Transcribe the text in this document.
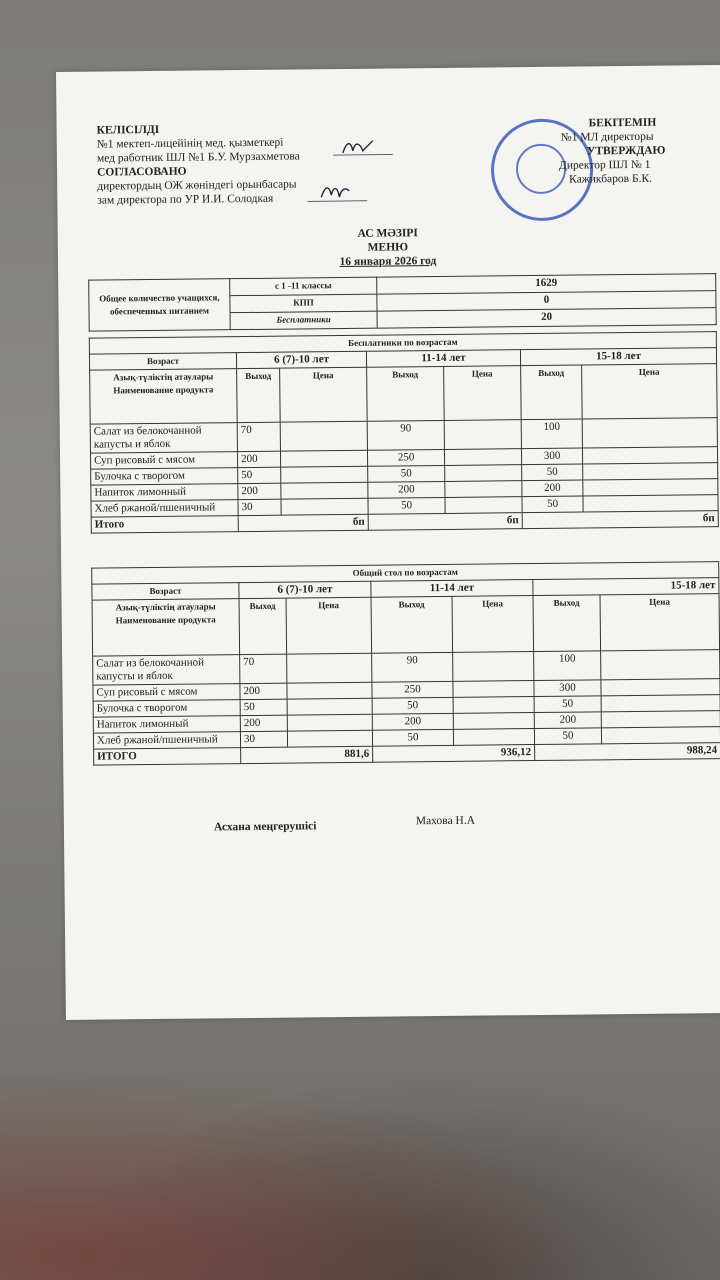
КЕЛІСІЛДІ
№1 мектеп-лицейінің мед. қызметкері
мед работник ШЛ №1 Б.У. Мурзахметова
СОГЛАСОВАНО
директордың ОЖ жөніндегі орынбасары
зам директора по УР И.И. Солодкая
БЕКІТЕМІН
№1 МЛ директоры
УТВЕРЖДАЮ
Директор ШЛ № 1
Кажикбаров Б.К.
АС МӘЗІРІ
МЕНЮ
16 января 2026 год
Общее количество учащихся, обеспеченных питанием	с 1 -11 классы	1629
	КПП	0
	Бесплатники	20
Бесплатники по возрастам						
Возраст	6 (7)-10 лет		11-14 лет		15-18 лет	
Азық-түліктің атаулары Наименование продукта	Выход	Цена	Выход	Цена	Выход	Цена
Салат из белокочанной капусты и яблок	70		90		100	
Суп рисовый с мясом	200		250		300	
Булочка с творогом	50		50		50	
Напиток лимонный	200		200		200	
Хлеб ржаной/пшеничный	30		50		50	
Итого	бп		бп		бп	
Общий стол по возрастам						
Возраст	6 (7)-10 лет		11-14 лет		15-18 лет	
Азық-түліктің атаулары Наименование продукта	Выход	Цена	Выход	Цена	Выход	Цена
Салат из белокочанной капусты и яблок	70		90		100	
Суп рисовый с мясом	200		250		300	
Булочка с творогом	50		50		50	
Напиток лимонный	200		200		200	
Хлеб ржаной/пшеничный	30		50		50	
ИТОГО	881,6		936,12		988,24	
Асхана меңгерушісі	Махова Н.А
